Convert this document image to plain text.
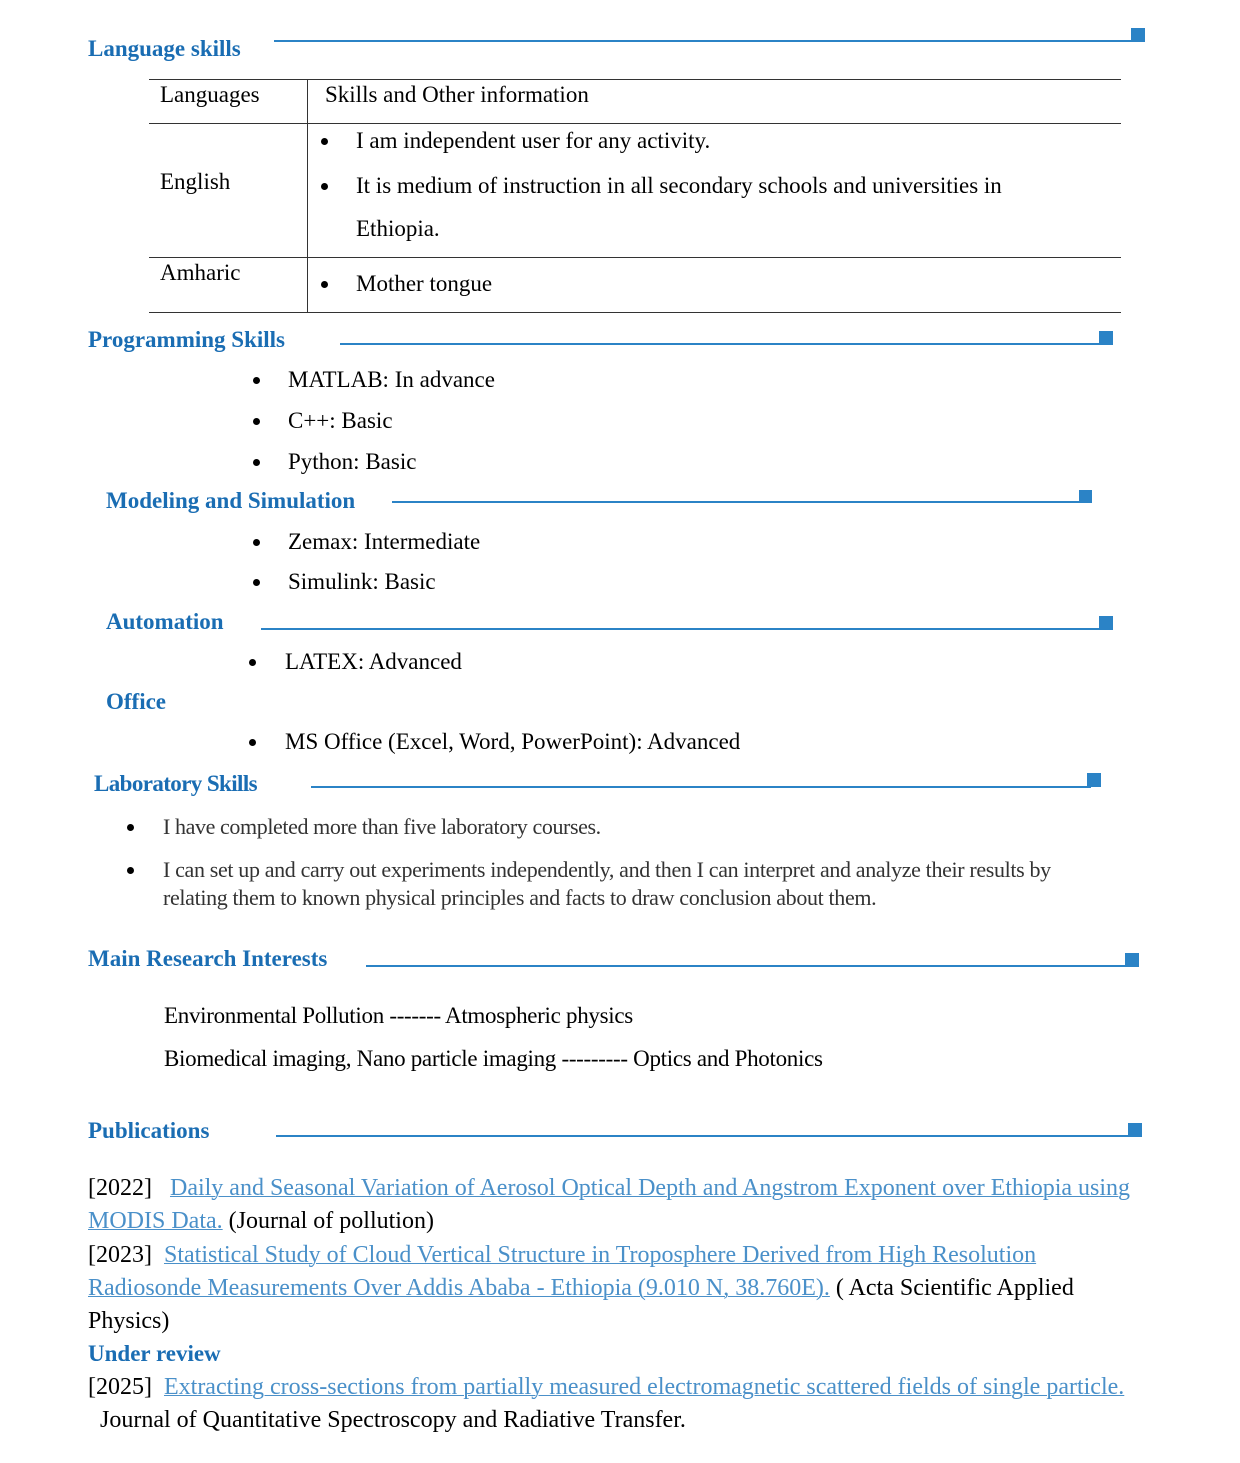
Language skills
Languages	Skills and Other information
English
I am independent user for any activity.
It is medium of instruction in all secondary schools and universities in
Ethiopia.
Amharic	Mother tongue
Programming Skills
MATLAB: In advance
C++: Basic
Python: Basic
Modeling and Simulation
Zemax: Intermediate
Simulink: Basic
Automation
LATEX: Advanced
Office
MS Office (Excel, Word, PowerPoint): Advanced
Laboratory Skills
I have completed more than five laboratory courses.
I can set up and carry out experiments independently, and then I can interpret and analyze their results by
relating them to known physical principles and facts to draw conclusion about them.
Main Research Interests
Environmental Pollution ------- Atmospheric physics
Biomedical imaging, Nano particle imaging --------- Optics and Photonics
Publications
[2022] Daily and Seasonal Variation of Aerosol Optical Depth and Angstrom Exponent over Ethiopia using
MODIS Data. (Journal of pollution)
[2023] Statistical Study of Cloud Vertical Structure in Troposphere Derived from High Resolution
Radiosonde Measurements Over Addis Ababa - Ethiopia (9.010 N, 38.760E). ( Acta Scientific Applied
Physics)
Under review
[2025] Extracting cross-sections from partially measured electromagnetic scattered fields of single particle.
Journal of Quantitative Spectroscopy and Radiative Transfer.
